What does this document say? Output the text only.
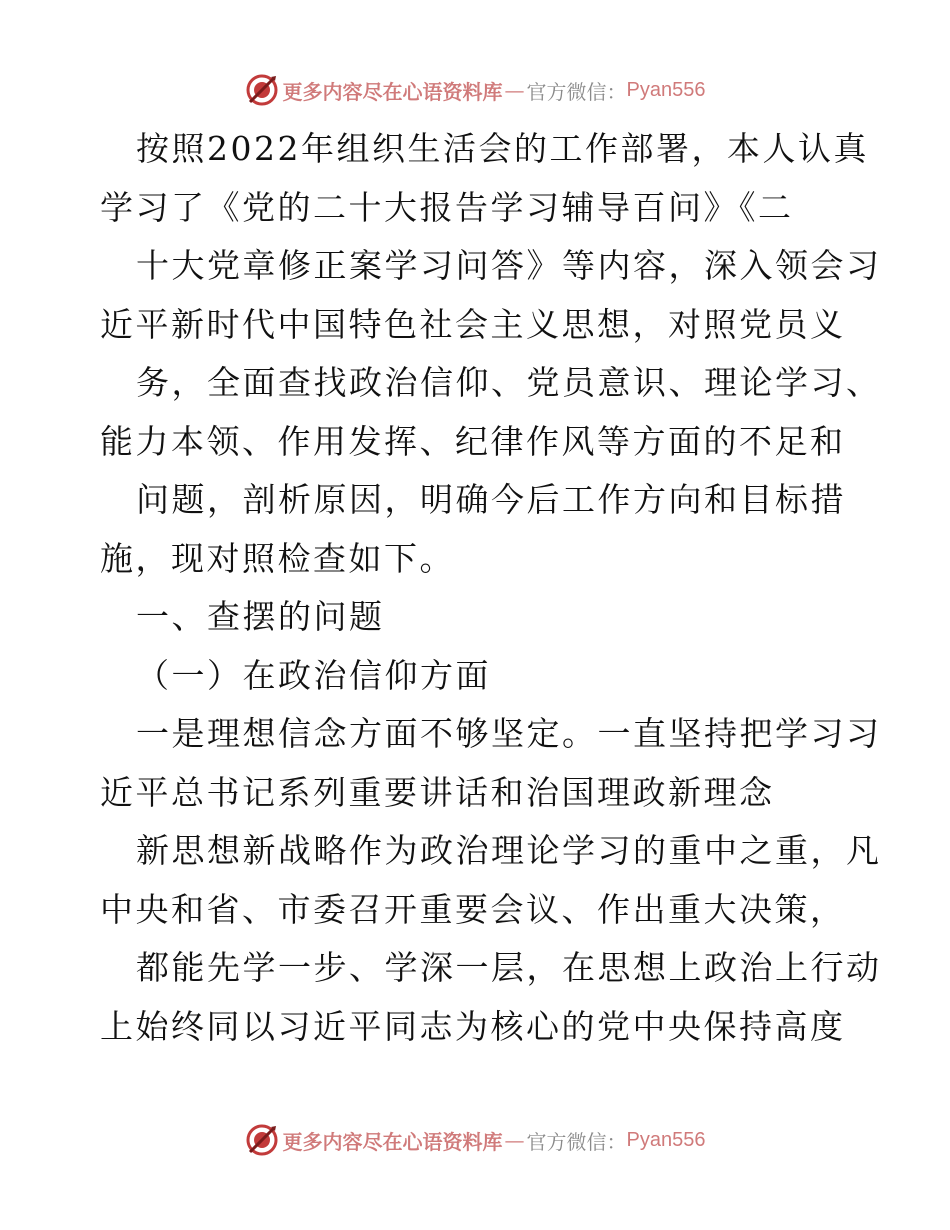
更多内容尽在心语资料库 — 官方微信： Pyan556
按照2022年组织生活会的工作部署，本人认真
学习了《党的二十大报告学习辅导百问》《二
十大党章修正案学习问答》等内容，深入领会习
近平新时代中国特色社会主义思想，对照党员义
务，全面查找政治信仰、党员意识、理论学习、
能力本领、作用发挥、纪律作风等方面的不足和
问题，剖析原因，明确今后工作方向和目标措
施，现对照检查如下。
一、查摆的问题
（一）在政治信仰方面
一是理想信念方面不够坚定。一直坚持把学习习
近平总书记系列重要讲话和治国理政新理念
新思想新战略作为政治理论学习的重中之重，凡
中央和省、市委召开重要会议、作出重大决策，
都能先学一步、学深一层，在思想上政治上行动
上始终同以习近平同志为核心的党中央保持高度
更多内容尽在心语资料库 — 官方微信： Pyan556
